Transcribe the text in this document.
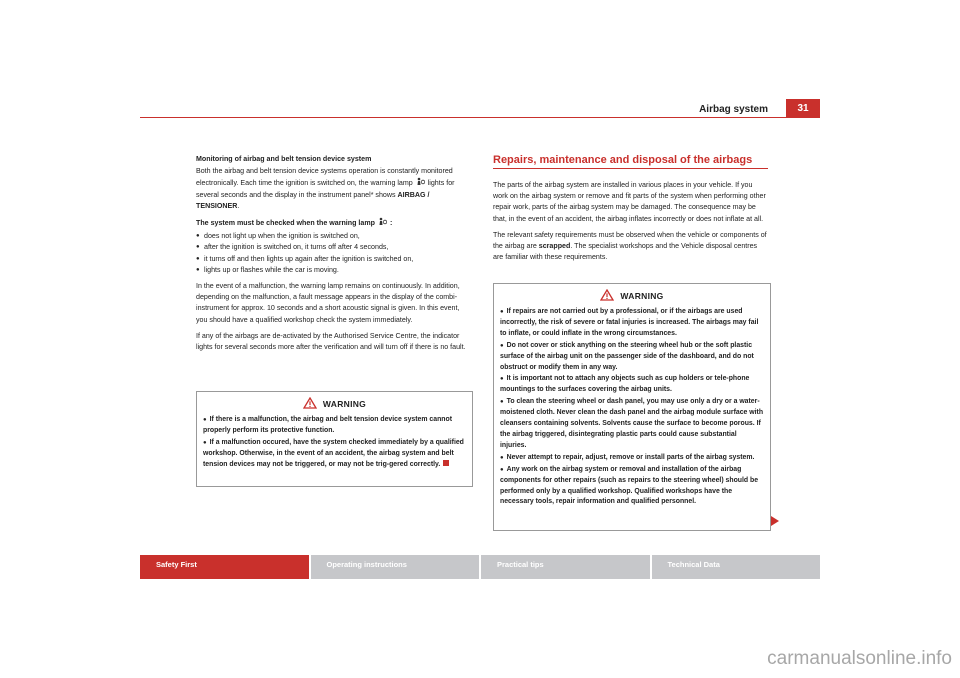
Airbag system	31

Monitoring of airbag and belt tension device system

Both the airbag and belt tension device systems operation is constantly monitored electronically. Each time the ignition is switched on, the warning lamp lights for several seconds and the display in the instrument panel* shows AIRBAG / TENSIONER.

The system must be checked when the warning lamp :

● does not light up when the ignition is switched on,
● after the ignition is switched on, it turns off after 4 seconds,
● it turns off and then lights up again after the ignition is switched on,
● lights up or flashes while the car is moving.

In the event of a malfunction, the warning lamp remains on continuously. In addition, depending on the malfunction, a fault message appears in the display of the combi-instrument for approx. 10 seconds and a short acoustic signal is given. In this event, you should have a qualified workshop check the system immediately.

If any of the airbags are de-activated by the Authorised Service Centre, the indicator lights for several seconds more after the verification and will turn off if there is no fault.

WARNING
● If there is a malfunction, the airbag and belt tension device system cannot properly perform its protective function.
● If a malfunction occured, have the system checked immediately by a qualified workshop. Otherwise, in the event of an accident, the airbag system and belt tension devices may not be triggered, or may not be trig-gered correctly.
Repairs, maintenance and disposal of the airbags

The parts of the airbag system are installed in various places in your vehicle. If you work on the airbag system or remove and fit parts of the system when performing other repair work, parts of the airbag system may be damaged. The consequence may be that, in the event of an accident, the airbag inflates incorrectly or does not inflate at all.

The relevant safety requirements must be observed when the vehicle or components of the airbag are scrapped. The specialist workshops and the Vehicle disposal centres are familiar with these requirements.

WARNING
● If repairs are not carried out by a professional, or if the airbags are used incorrectly, the risk of severe or fatal injuries is increased. The airbags may fail to inflate, or could inflate in the wrong circumstances.
● Do not cover or stick anything on the steering wheel hub or the soft plastic surface of the airbag unit on the passenger side of the dashboard, and do not obstruct or modify them in any way.
● It is important not to attach any objects such as cup holders or tele-phone mountings to the surfaces covering the airbag units.
● To clean the steering wheel or dash panel, you may use only a dry or a water-moistened cloth. Never clean the dash panel and the airbag module surface with cleansers containing solvents. Solvents cause the surface to become porous. If the airbag triggered, disintegrating plastic parts could cause substantial injuries.
● Never attempt to repair, adjust, remove or install parts of the airbag system.
● Any work on the airbag system or removal and installation of the airbag components for other repairs (such as repairs to the steering wheel) should be performed only by a qualified workshop. Qualified workshops have the necessary tools, repair information and qualified personnel.
Safety First	Operating instructions	Practical tips	Technical Data
carmanualsonline.info
